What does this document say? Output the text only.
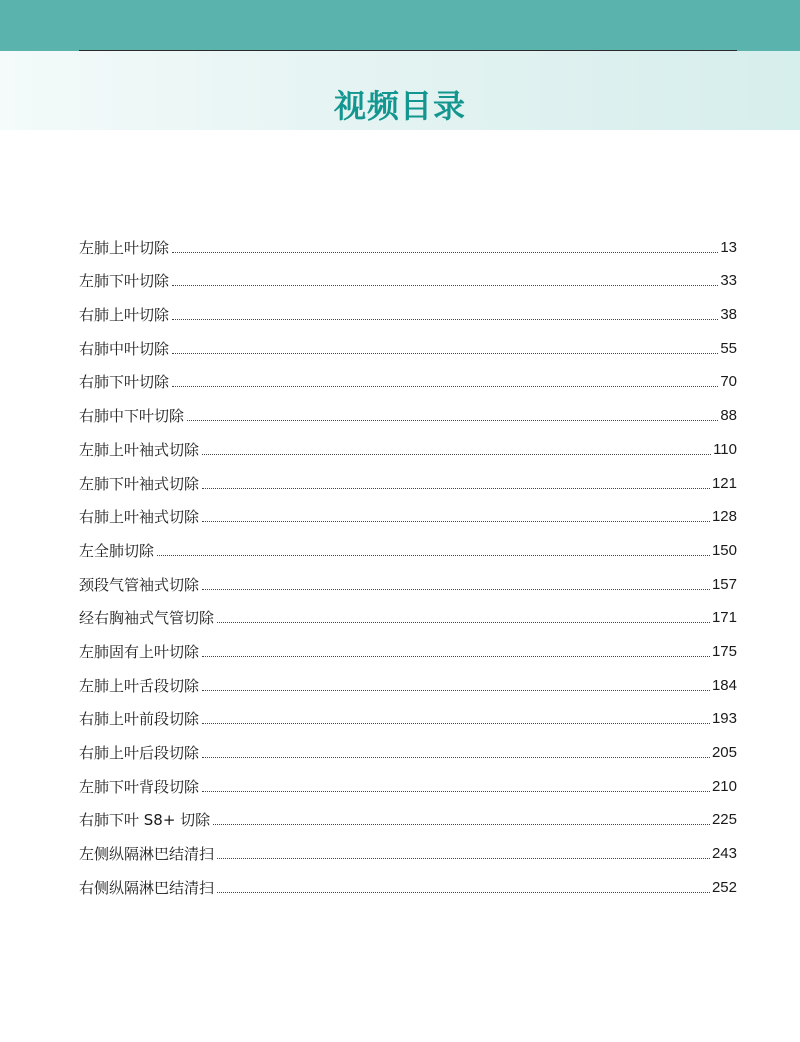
视频目录
左肺上叶切除	13
左肺下叶切除	33
右肺上叶切除	38
右肺中叶切除	55
右肺下叶切除	70
右肺中下叶切除	88
左肺上叶袖式切除	110
左肺下叶袖式切除	121
右肺上叶袖式切除	128
左全肺切除	150
颈段气管袖式切除	157
经右胸袖式气管切除	171
左肺固有上叶切除	175
左肺上叶舌段切除	184
右肺上叶前段切除	193
右肺上叶后段切除	205
左肺下叶背段切除	210
右肺下叶 S8+ 切除	225
左侧纵隔淋巴结清扫	243
右侧纵隔淋巴结清扫	252
